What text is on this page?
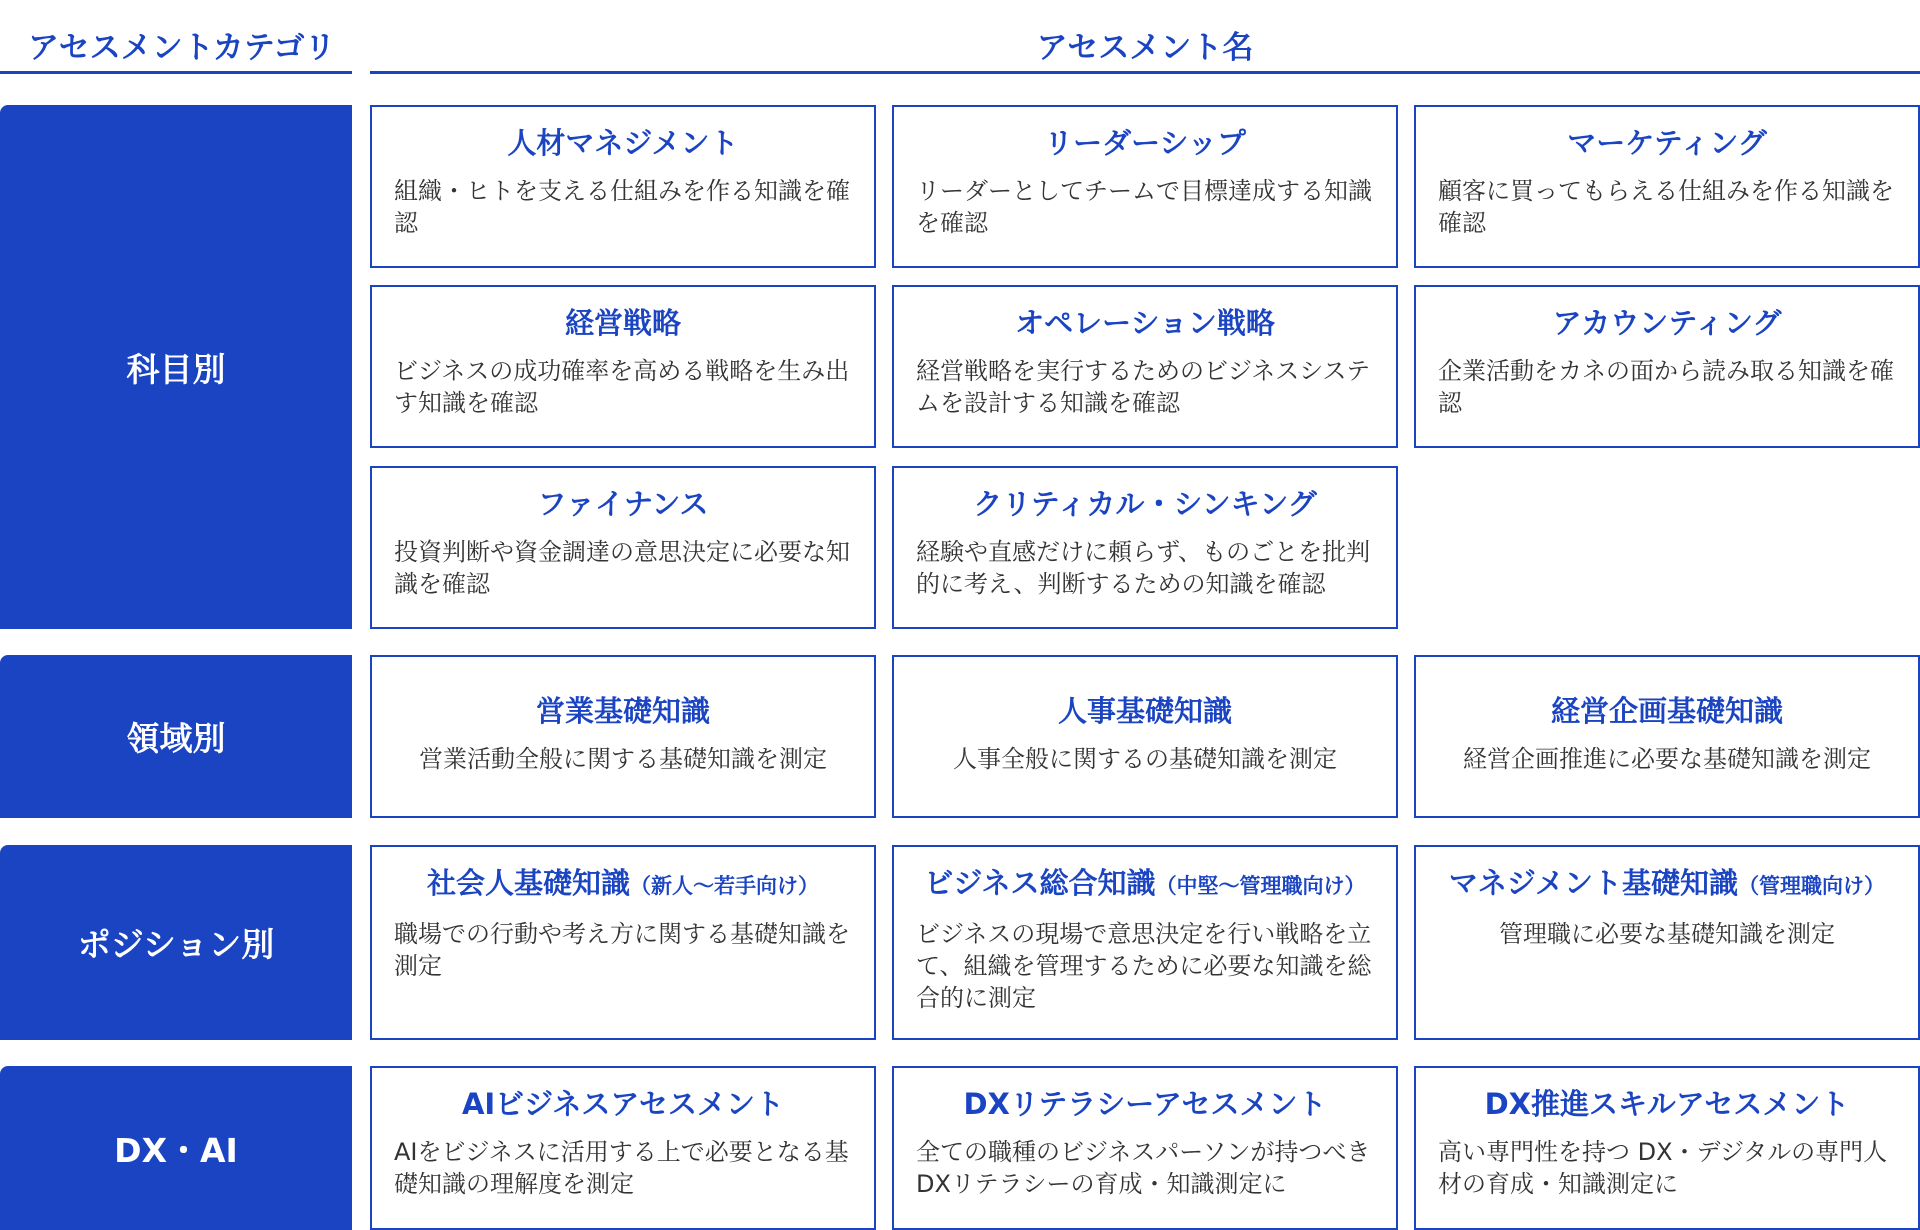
アセスメントカテゴリ	アセスメント名
科目別
人材マネジメント
組織・ヒトを支える仕組みを作る知識を確認
リーダーシップ
リーダーとしてチームで目標達成する知識を確認
マーケティング
顧客に買ってもらえる仕組みを作る知識を確認
経営戦略
ビジネスの成功確率を高める戦略を生み出す知識を確認
オペレーション戦略
経営戦略を実行するためのビジネスシステムを設計する知識を確認
アカウンティング
企業活動をカネの面から読み取る知識を確認
ファイナンス
投資判断や資金調達の意思決定に必要な知識を確認
クリティカル・シンキング
経験や直感だけに頼らず、ものごとを批判的に考え、判断するための知識を確認
領域別
営業基礎知識
営業活動全般に関する基礎知識を測定
人事基礎知識
人事全般に関するの基礎知識を測定
経営企画基礎知識
経営企画推進に必要な基礎知識を測定
ポジション別
社会人基礎知識（新人〜若手向け）
職場での行動や考え方に関する基礎知識を測定
ビジネス総合知識（中堅〜管理職向け）
ビジネスの現場で意思決定を行い戦略を立て、組織を管理するために必要な知識を総合的に測定
マネジメント基礎知識（管理職向け）
管理職に必要な基礎知識を測定
DX・AI
AIビジネスアセスメント
AIをビジネスに活用する上で必要となる基礎知識の理解度を測定
DXリテラシーアセスメント
全ての職種のビジネスパーソンが持つべき DXリテラシーの育成・知識測定に
DX推進スキルアセスメント
高い専門性を持つ DX・デジタルの専門人材の育成・知識測定に
